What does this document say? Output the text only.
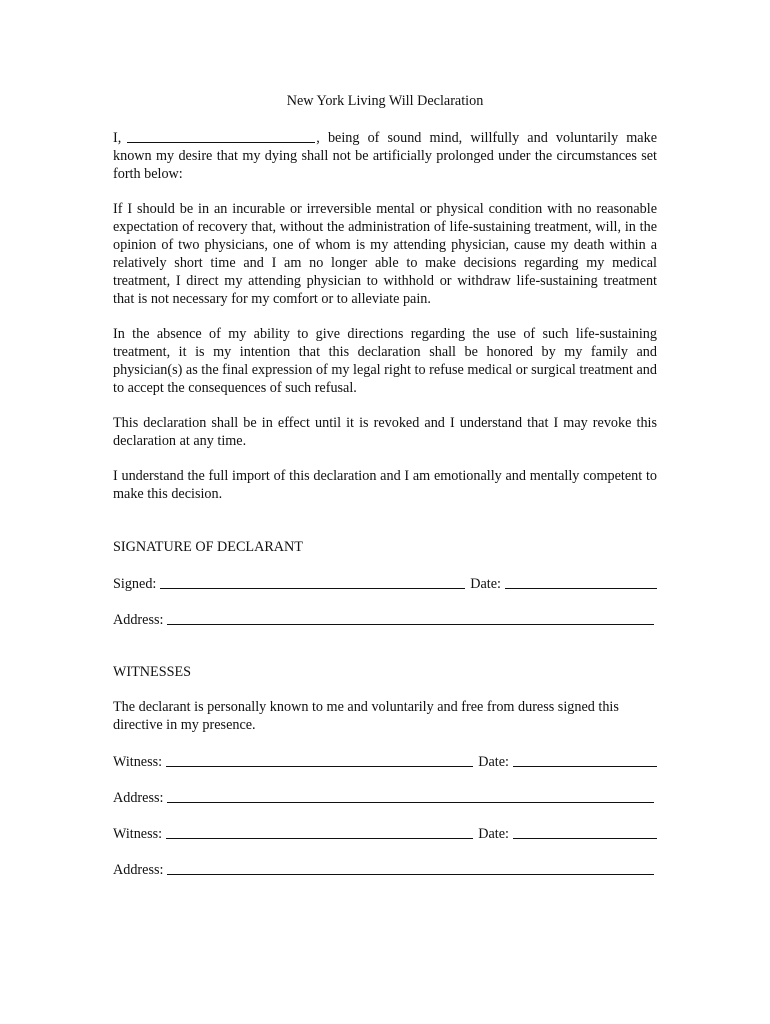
New York Living Will Declaration
I,	, being of sound mind, willfully and voluntarily make known my desire that my dying shall not be artificially prolonged under the circumstances set forth below:
If I should be in an incurable or irreversible mental or physical condition with no reasonable expectation of recovery that, without the administration of life-sustaining treatment, will, in the opinion of two physicians, one of whom is my attending physician, cause my death within a relatively short time and I am no longer able to make decisions regarding my medical treatment, I direct my attending physician to withhold or withdraw life-sustaining treatment that is not necessary for my comfort or to alleviate pain.
In the absence of my ability to give directions regarding the use of such life-sustaining treatment, it is my intention that this declaration shall be honored by my family and physician(s) as the final expression of my legal right to refuse medical or surgical treatment and to accept the consequences of such refusal.
This declaration shall be in effect until it is revoked and I understand that I may revoke this declaration at any time.
I understand the full import of this declaration and I am emotionally and mentally competent to make this decision.
SIGNATURE OF DECLARANT
Signed:	Date:
Address:
WITNESSES
The declarant is personally known to me and voluntarily and free from duress signed this directive in my presence.
Witness:	Date:
Address:
Witness:	Date:
Address:
